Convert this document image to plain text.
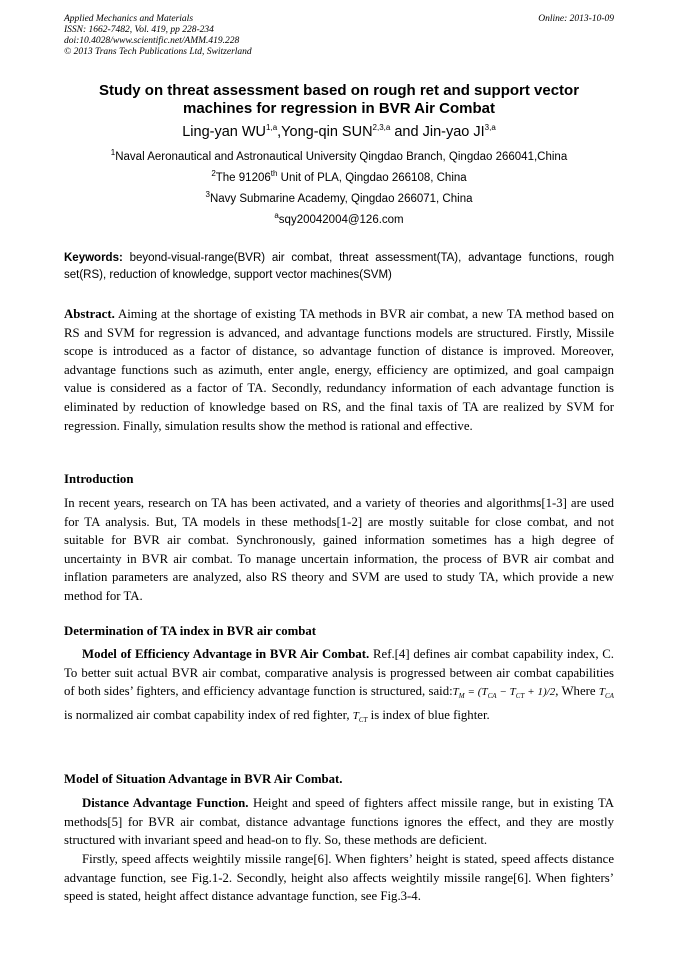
Applied Mechanics and Materials
ISSN: 1662-7482, Vol. 419, pp 228-234
doi:10.4028/www.scientific.net/AMM.419.228
© 2013 Trans Tech Publications Ltd, Switzerland
Online: 2013-10-09
Study on threat assessment based on rough ret and support vector
machines for regression in BVR Air Combat
Ling-yan WU$^{1,a}$,Yong-qin SUN$^{2,3,a}$ and Jin-yao JI$^{3,a}$
$^1$Naval Aeronautical and Astronautical University Qingdao Branch, Qingdao 266041,China
$^2$The 91206th Unit of PLA, Qingdao 266108, China
$^3$Navy Submarine Academy, Qingdao 266071, China
$^a$sqy20042004@126.com
Keywords: beyond-visual-range(BVR) air combat, threat assessment(TA), advantage functions, rough set(RS), reduction of knowledge, support vector machines(SVM)
Abstract. Aiming at the shortage of existing TA methods in BVR air combat, a new TA method based on RS and SVM for regression is advanced, and advantage functions models are structured. Firstly, Missile scope is introduced as a factor of distance, so advantage function of distance is improved. Moreover, advantage functions such as azimuth, enter angle, energy, efficiency are optimized, and goal campaign value is considered as a factor of TA. Secondly, redundancy information of each advantage function is eliminated by reduction of knowledge based on RS, and the final taxis of TA are realized by SVM for regression. Finally, simulation results show the method is rational and effective.
Introduction
In recent years, research on TA has been activated, and a variety of theories and algorithms[1-3] are used for TA analysis. But, TA models in these methods[1-2] are mostly suitable for close combat, and not suitable for BVR air combat. Synchronously, gained information sometimes has a high degree of uncertainty in BVR air combat. To manage uncertain information, the process of BVR air combat and inflation parameters are analyzed, also RS theory and SVM are used to study TA, which provide a new method for TA.
Determination of TA index in BVR air combat
Model of Efficiency Advantage in BVR Air Combat. Ref.[4] defines air combat capability index, C. To better suit actual BVR air combat, comparative analysis is progressed between air combat capabilities of both sides’ fighters, and efficiency advantage function is structured, $said:T_M = (T_{CA} - T_{CT} + 1)/2$, Where $T_{CA}$ is normalized air combat capability index of red fighter, $T_{CT}$ is index of blue fighter.
Model of Situation Advantage in BVR Air Combat.
Distance Advantage Function. Height and speed of fighters affect missile range, but in existing TA methods[5] for BVR air combat, distance advantage functions ignores the effect, and they are mostly structured with invariant speed and head-on to fly. So, these methods are deficient.
Firstly, speed affects weightily missile range[6]. When fighters’ height is stated, speed affects distance advantage function, see Fig.1-2. Secondly, height also affects weightily missile range[6]. When fighters’ speed is stated, height affect distance advantage function, see Fig.3-4.
